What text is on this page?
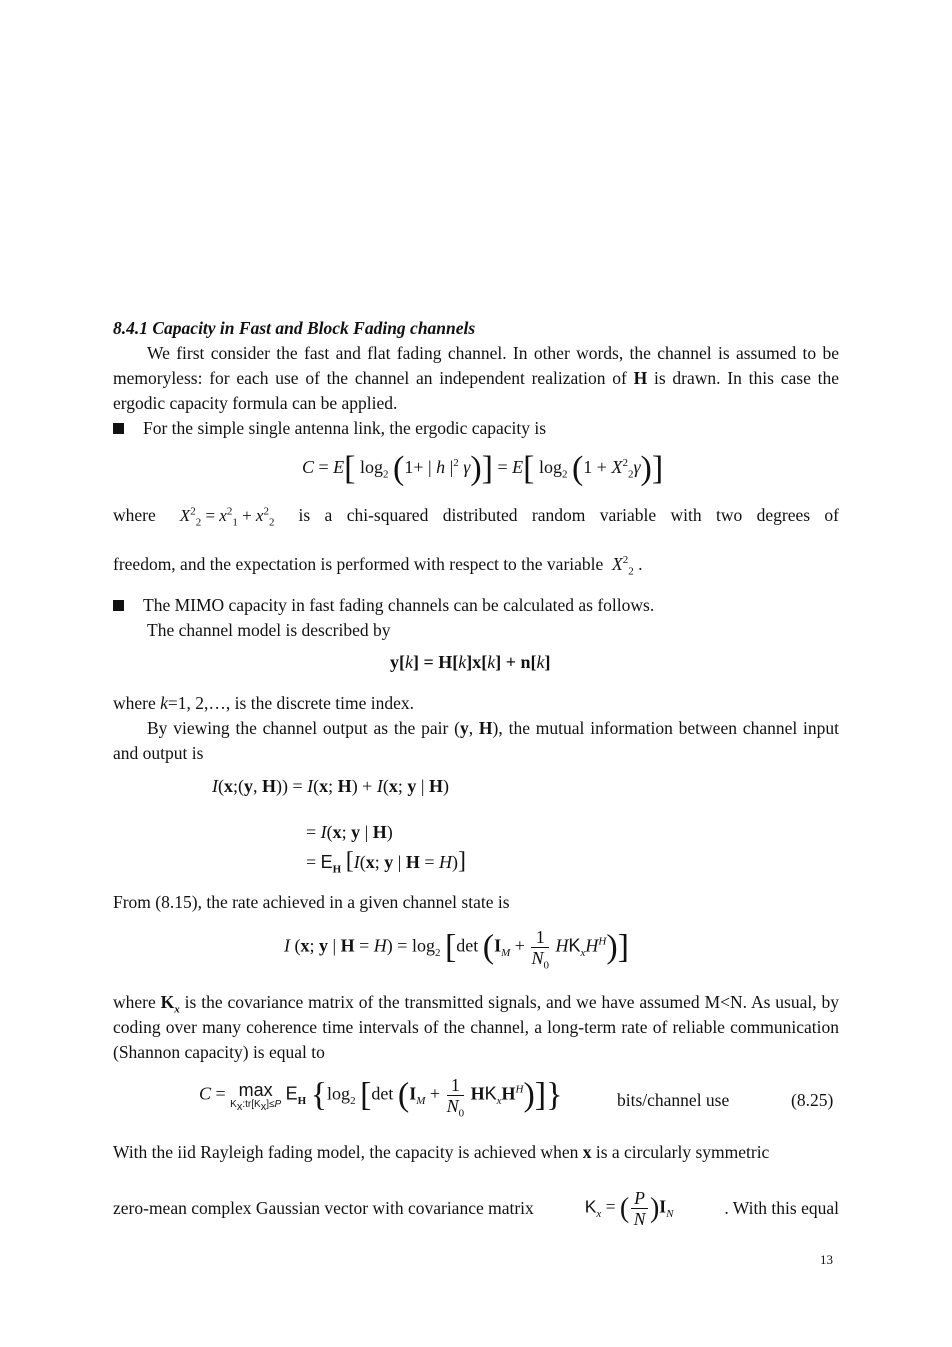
8.4.1 Capacity in Fast and Block Fading channels
We first consider the fast and flat fading channel. In other words, the channel is assumed to be memoryless: for each use of the channel an independent realization of H is drawn. In this case the ergodic capacity formula can be applied.
For the simple single antenna link, the ergodic capacity is
C = E[ $\log_2 (1+$ | h $|^2$ γ)] = E[ $\log_2 (1 + X^2_2\gamma)$]
where $X^2_2 = x^2_1 + x^2_2$ is a chi-squared distributed random variable with two degrees of
freedom, and the expectation is performed with respect to the variable $X^2_2$ .
The MIMO capacity in fast fading channels can be calculated as follows.
The channel model is described by
y[k] = H[k]x[k] + n[k]
where k=1, 2,…, is the discrete time index.
By viewing the channel output as the pair (y, H), the mutual information between channel input and output is
I(x;(y, H)) = I(x; H) + I(x; y | H)
= I(x; y | H)
= $E_H$ [I(x; y | H = H)]
From (8.15), the rate achieved in a given channel state is
I (x; y | $H = H) = \log_2 [\det$ $(I_M + \frac{1}{N_0} HK_xH^H)$]
where $K_x$ is the covariance matrix of the transmitted signals, and we have assumed M<N. As usual, by coding over many coherence time intervals of the channel, a long-term rate of reliable communication (Shannon capacity) is equal to
C = max
$K_x:tr[K_x]\le P$
$E_H$ {$\log_2$ [det $(I_M + \frac{1}{N_0} HK_xH^H)$]}	bits/channel use	(8.25)
With the iid Rayleigh fading model, the capacity is achieved when x is a circularly symmetric
zero-mean complex Gaussian vector with covariance matrix	$K_x$ = ( $\frac{P}{N} )I_N$	. With this equal
13
